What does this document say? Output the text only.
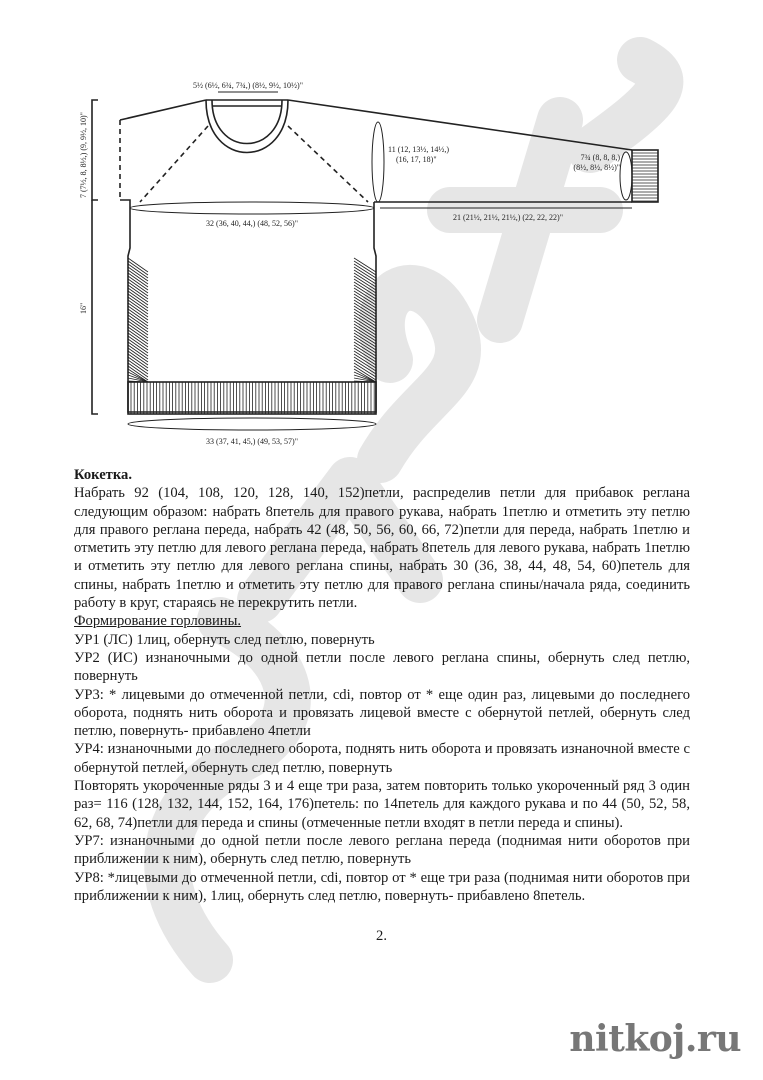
5½ (6½, 6¾, 7¾,) (8½, 9½, 10½)"
7 (7½, 8, 8½,) (9, 9½, 10)"	11 (12, 13½, 14½,)
(16, 17, 18)"	7¾ (8, 8, 8,)
(8½, 8½, 8½)"
21 (21½, 21½, 21½,) (22, 22, 22)"
32 (36, 40, 44,) (48, 52, 56)"
16"
33 (37, 41, 45,) (49, 53, 57)"

Кокетка.

Набрать 92 (104, 108, 120, 128, 140, 152)петли, распределив петли для прибавок реглана следующим образом: набрать 8петель для правого рукава, набрать 1петлю и отметить эту петлю для правого реглана переда, набрать 42 (48, 50, 56, 60, 66, 72)петли для переда, набрать 1петлю и отметить эту петлю для левого реглана переда, набрать 8петель для левого рукава, набрать 1петлю и отметить эту петлю для левого реглана спины, набрать 30 (36, 38, 44, 48, 54, 60)петель для спины, набрать 1петлю и отметить эту петлю для правого реглана спины/начала ряда, соединить работу в круг, стараясь не перекрутить петли.

Формирование горловины.

УР1 (ЛС) 1лиц, обернуть след петлю, повернуть

УР2 (ИС) изнаночными до одной петли после левого реглана спины, обернуть след петлю, повернуть

УР3: * лицевыми до отмеченной петли, cdi, повтор от * еще один раз, лицевыми до последнего оборота, поднять нить оборота и провязать лицевой вместе с обернутой петлей, обернуть след петлю, повернуть- прибавлено 4петли

УР4: изнаночными до последнего оборота, поднять нить оборота и провязать изнаночной вместе с обернутой петлей, обернуть след петлю, повернуть

Повторять укороченные ряды 3 и 4 еще три раза, затем повторить только укороченный ряд 3 один раз= 116 (128, 132, 144, 152, 164, 176)петель: по 14петель для каждого рукава и по 44 (50, 52, 58, 62, 68, 74)петли для переда и спины (отмеченные петли входят в петли переда и спины).

УР7: изнаночными до одной петли после левого реглана переда (поднимая нити оборотов при приближении к ним), обернуть след петлю, повернуть

УР8: *лицевыми до отмеченной петли, cdi, повтор от * еще три раза (поднимая нити оборотов при приближении к ним), 1лиц, обернуть след петлю, повернуть- прибавлено 8петель.

2.
nitkoj.ru
